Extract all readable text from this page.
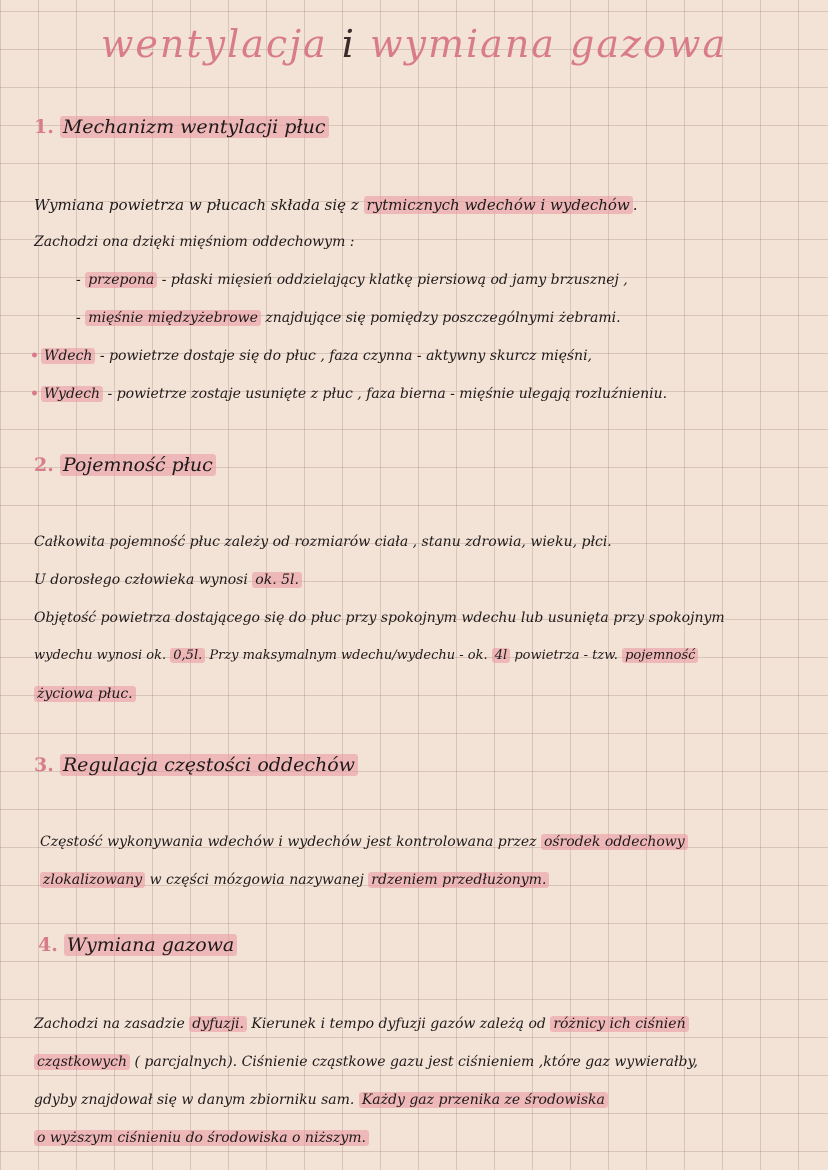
wentylacja i wymiana gazowa
1. Mechanizm wentylacji płuc
Wymiana powietrza w płucach składa się z rytmicznych wdechów i wydechów .
Zachodzi ona dzięki mięśniom oddechowym :
- przepona - płaski mięsień oddzielający klatkę piersiową od jamy brzusznej ,
- mięśnie międzyżebrowe znajdujące się pomiędzy poszczególnymi żebrami.
• Wdech - powietrze dostaje się do płuc , faza czynna - aktywny skurcz mięśni,
• Wydech - powietrze zostaje usunięte z płuc , faza bierna - mięśnie ulegają rozluźnieniu.
2. Pojemność płuc
Całkowita pojemność płuc zależy od rozmiarów ciała , stanu zdrowia, wieku, płci.
U dorosłego człowieka wynosi ok. 5l.
Objętość powietrza dostającego się do płuc przy spokojnym wdechu lub usunięta przy spokojnym
wydechu wynosi ok. 0,5l. Przy maksymalnym wdechu/wydechu - ok. 4l powietrza - tzw. pojemność
życiowa płuc.
3. Regulacja częstości oddechów
Częstość wykonywania wdechów i wydechów jest kontrolowana przez ośrodek oddechowy
zlokalizowany w części mózgowia nazywanej rdzeniem przedłużonym.
4. Wymiana gazowa
Zachodzi na zasadzie dyfuzji. Kierunek i tempo dyfuzji gazów zależą od różnicy ich ciśnień
cząstkowych ( parcjalnych). Ciśnienie cząstkowe gazu jest ciśnieniem ,które gaz wywierałby,
gdyby znajdował się w danym zbiorniku sam. Każdy gaz przenika ze środowiska
o wyższym ciśnieniu do środowiska o niższym.
